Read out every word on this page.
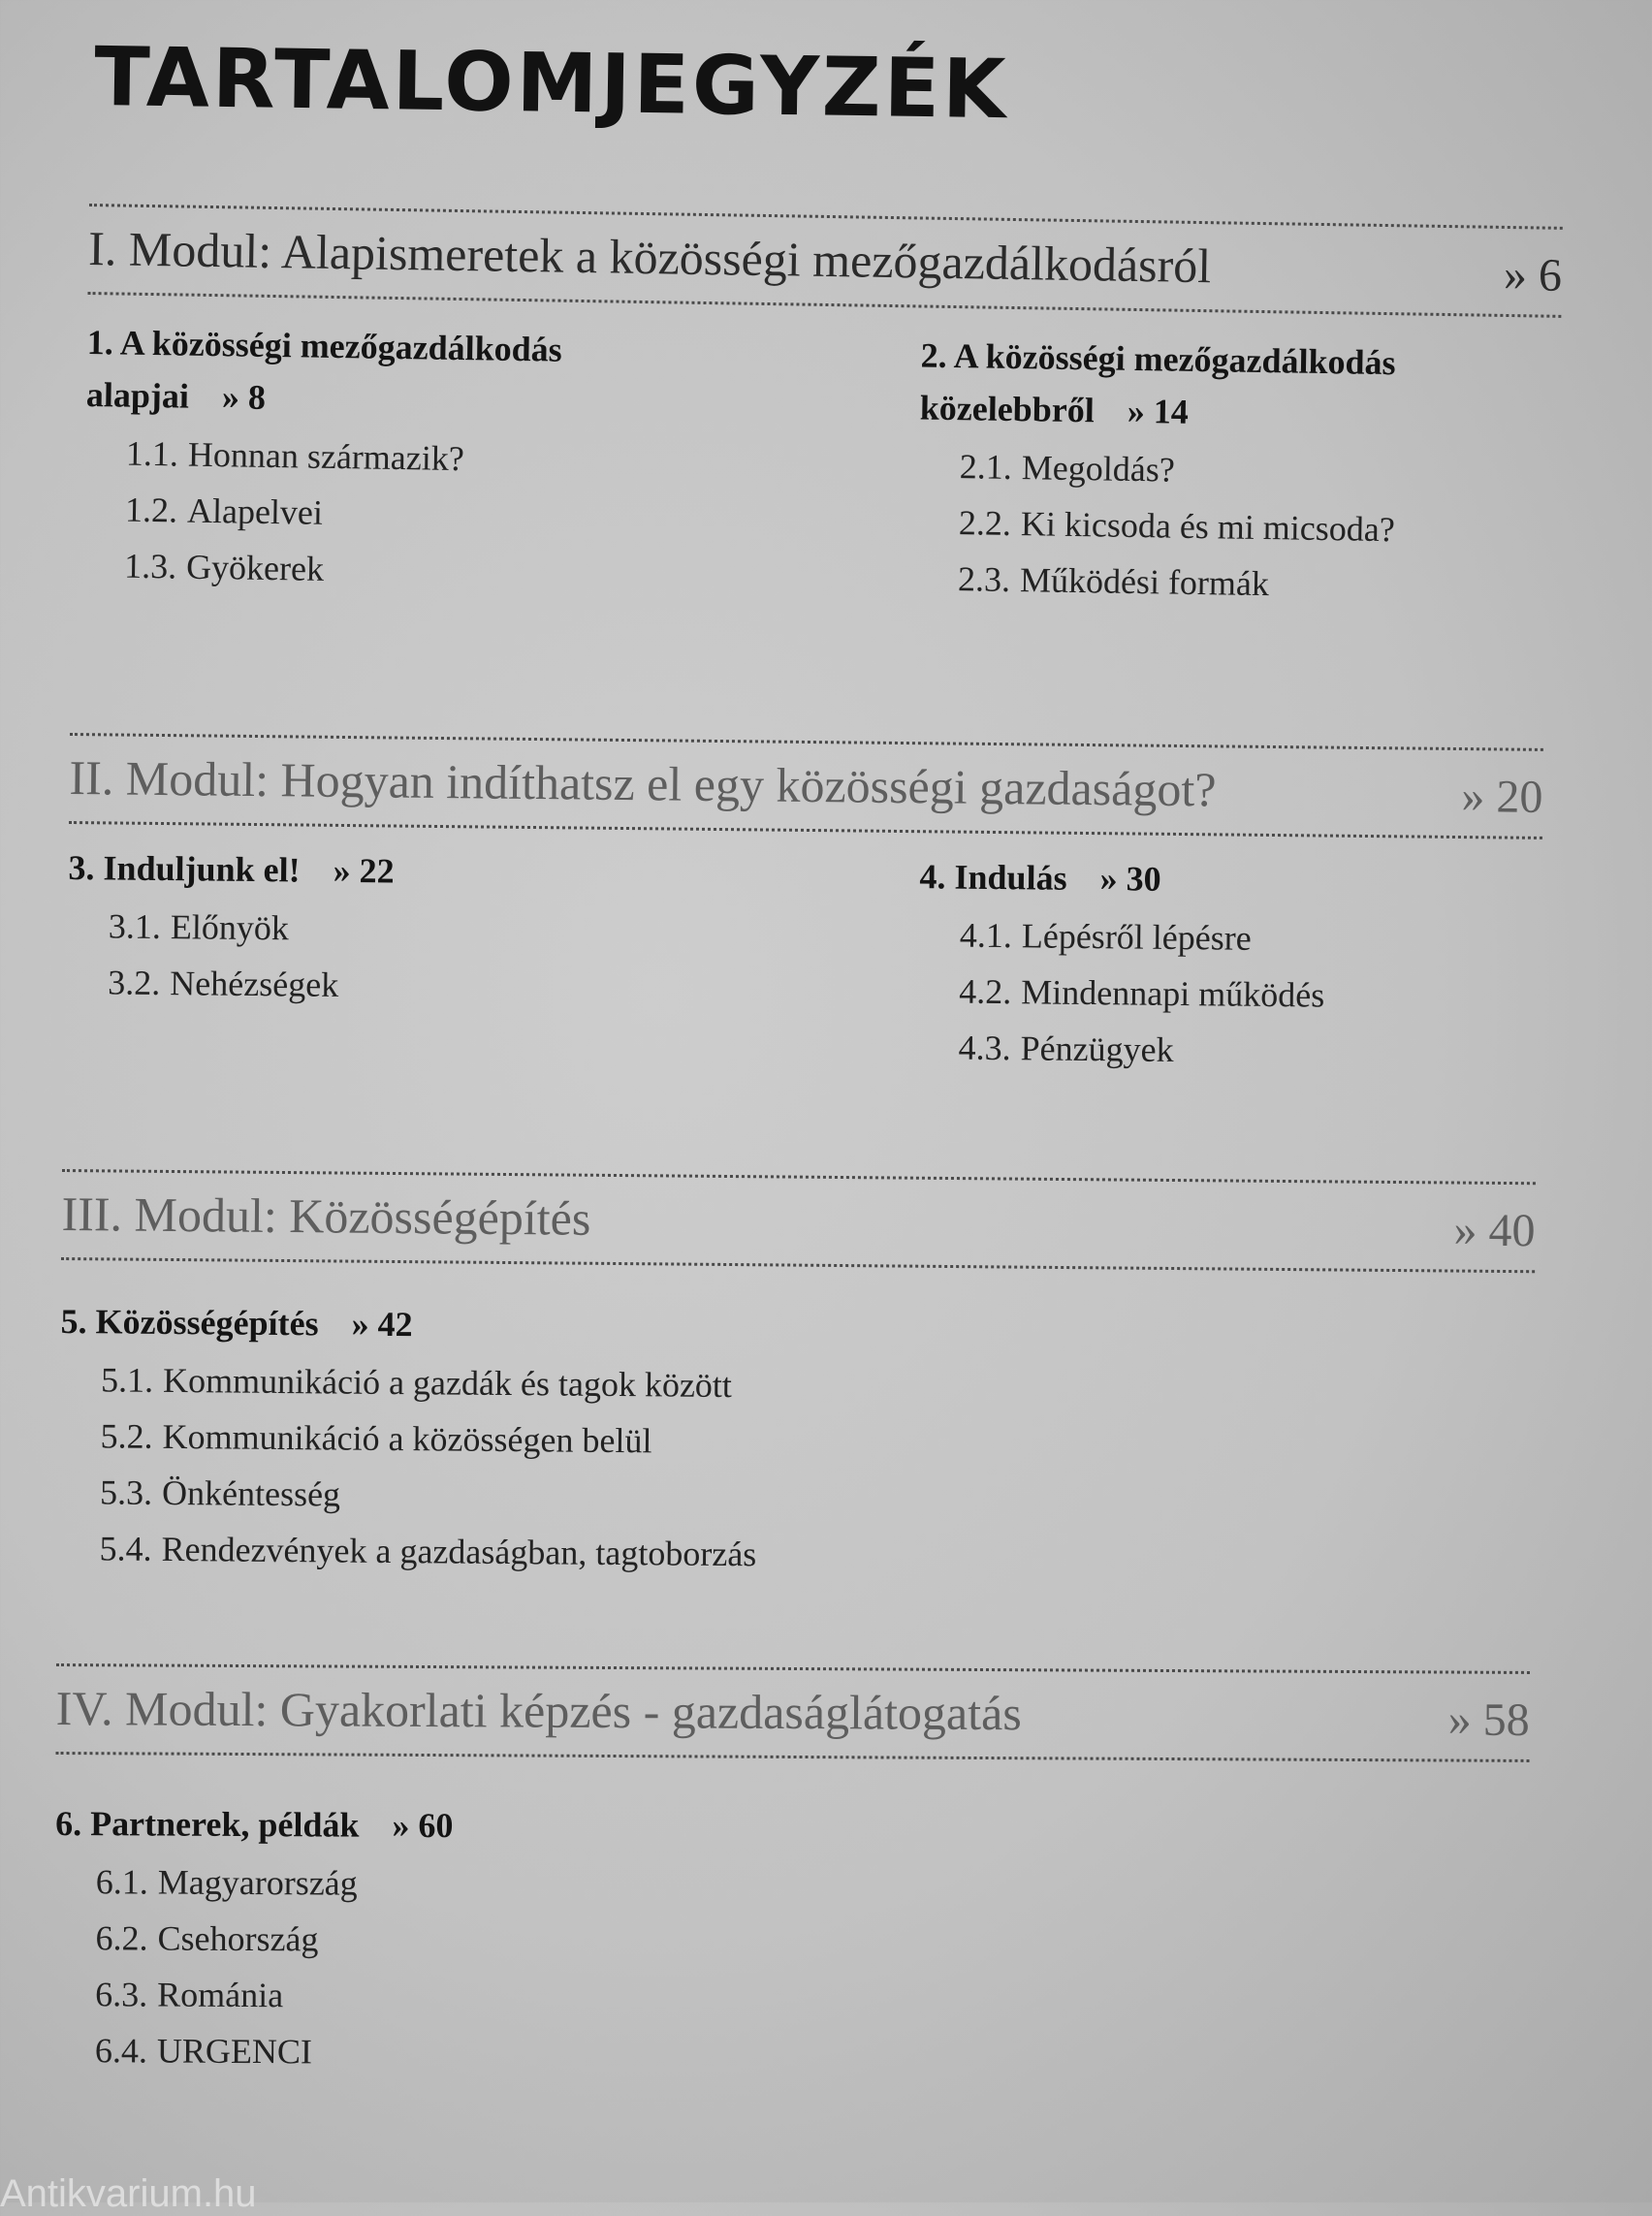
TARTALOMJEGYZÉK
I. Modul: Alapismeretek a közösségi mezőgazdálkodásról	» 6
1. A közösségi mezőgazdálkodás
alapjai » 8
1.1. Honnan származik?
1.2. Alapelvei
1.3. Gyökerek
2. A közösségi mezőgazdálkodás
közelebbről » 14
2.1. Megoldás?
2.2. Ki kicsoda és mi micsoda?
2.3. Működési formák
II. Modul: Hogyan indíthatsz el egy közösségi gazdaságot?	» 20
3. Induljunk el! » 22
3.1. Előnyök
3.2. Nehézségek
4. Indulás » 30
4.1. Lépésről lépésre
4.2. Mindennapi működés
4.3. Pénzügyek
III. Modul: Közösségépítés	» 40
5. Közösségépítés » 42
5.1. Kommunikáció a gazdák és tagok között
5.2. Kommunikáció a közösségen belül
5.3. Önkéntesség
5.4. Rendezvények a gazdaságban, tagtoborzás
IV. Modul: Gyakorlati képzés - gazdaságlátogatás	» 58
6. Partnerek, példák » 60
6.1. Magyarország
6.2. Csehország
6.3. Románia
6.4. URGENCI
Antikvarium.hu
